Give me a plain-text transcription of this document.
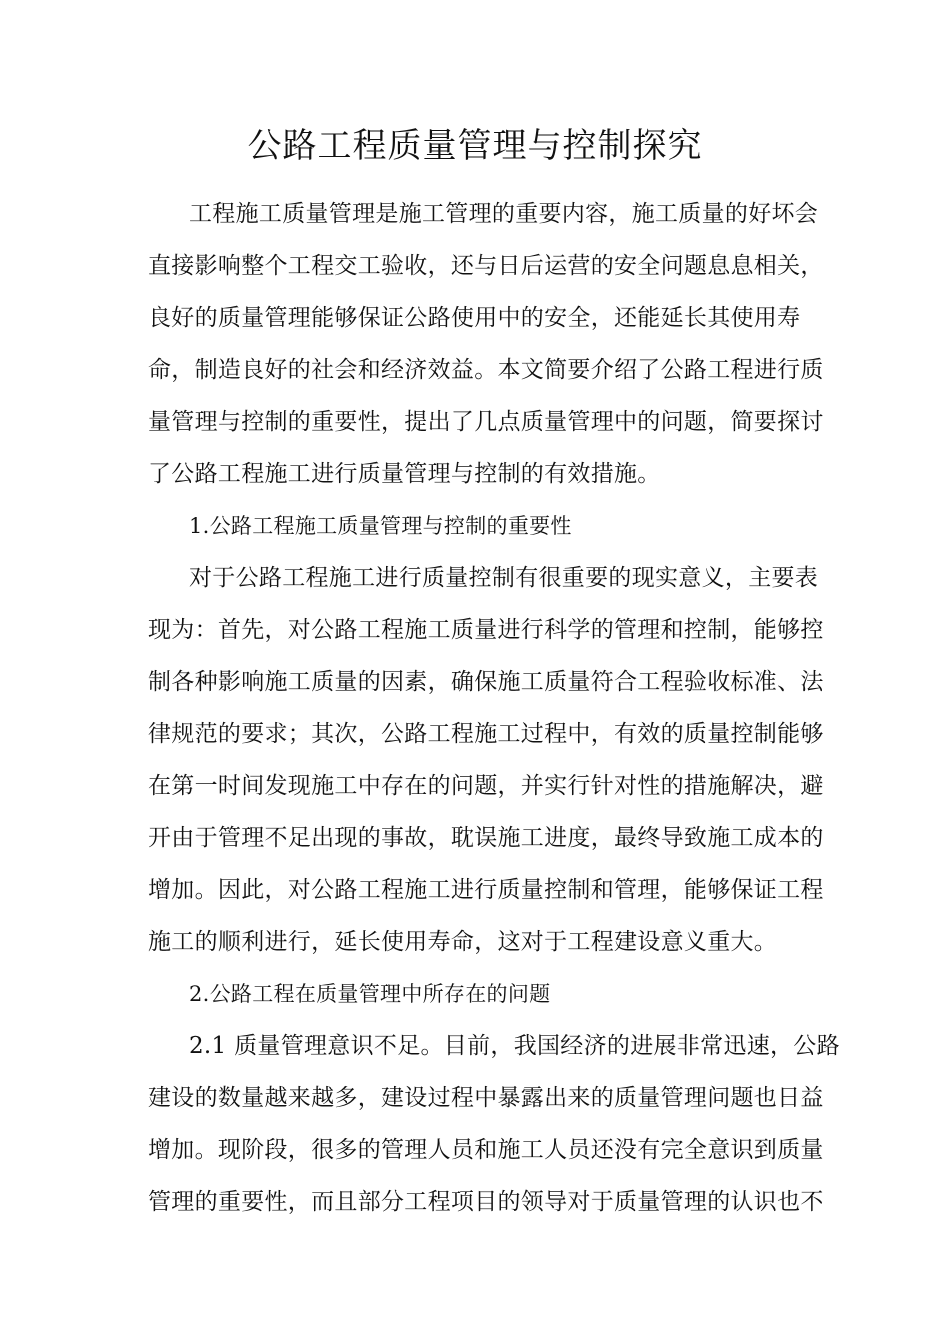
公路工程质量管理与控制探究
工程施工质量管理是施工管理的重要内容，施工质量的好坏会
直接影响整个工程交工验收，还与日后运营的安全问题息息相关，
良好的质量管理能够保证公路使用中的安全，还能延长其使用寿
命，制造良好的社会和经济效益。本文简要介绍了公路工程进行质
量管理与控制的重要性，提出了几点质量管理中的问题，简要探讨
了公路工程施工进行质量管理与控制的有效措施。
1.公路工程施工质量管理与控制的重要性
对于公路工程施工进行质量控制有很重要的现实意义，主要表
现为：首先，对公路工程施工质量进行科学的管理和控制，能够控
制各种影响施工质量的因素，确保施工质量符合工程验收标准、法
律规范的要求；其次，公路工程施工过程中，有效的质量控制能够
在第一时间发现施工中存在的问题，并实行针对性的措施解决，避
开由于管理不足出现的事故，耽误施工进度，最终导致施工成本的
增加。因此，对公路工程施工进行质量控制和管理，能够保证工程
施工的顺利进行，延长使用寿命，这对于工程建设意义重大。
2.公路工程在质量管理中所存在的问题
2.1 质量管理意识不足。目前，我国经济的进展非常迅速，公路
建设的数量越来越多，建设过程中暴露出来的质量管理问题也日益
增加。现阶段，很多的管理人员和施工人员还没有完全意识到质量
管理的重要性，而且部分工程项目的领导对于质量管理的认识也不
